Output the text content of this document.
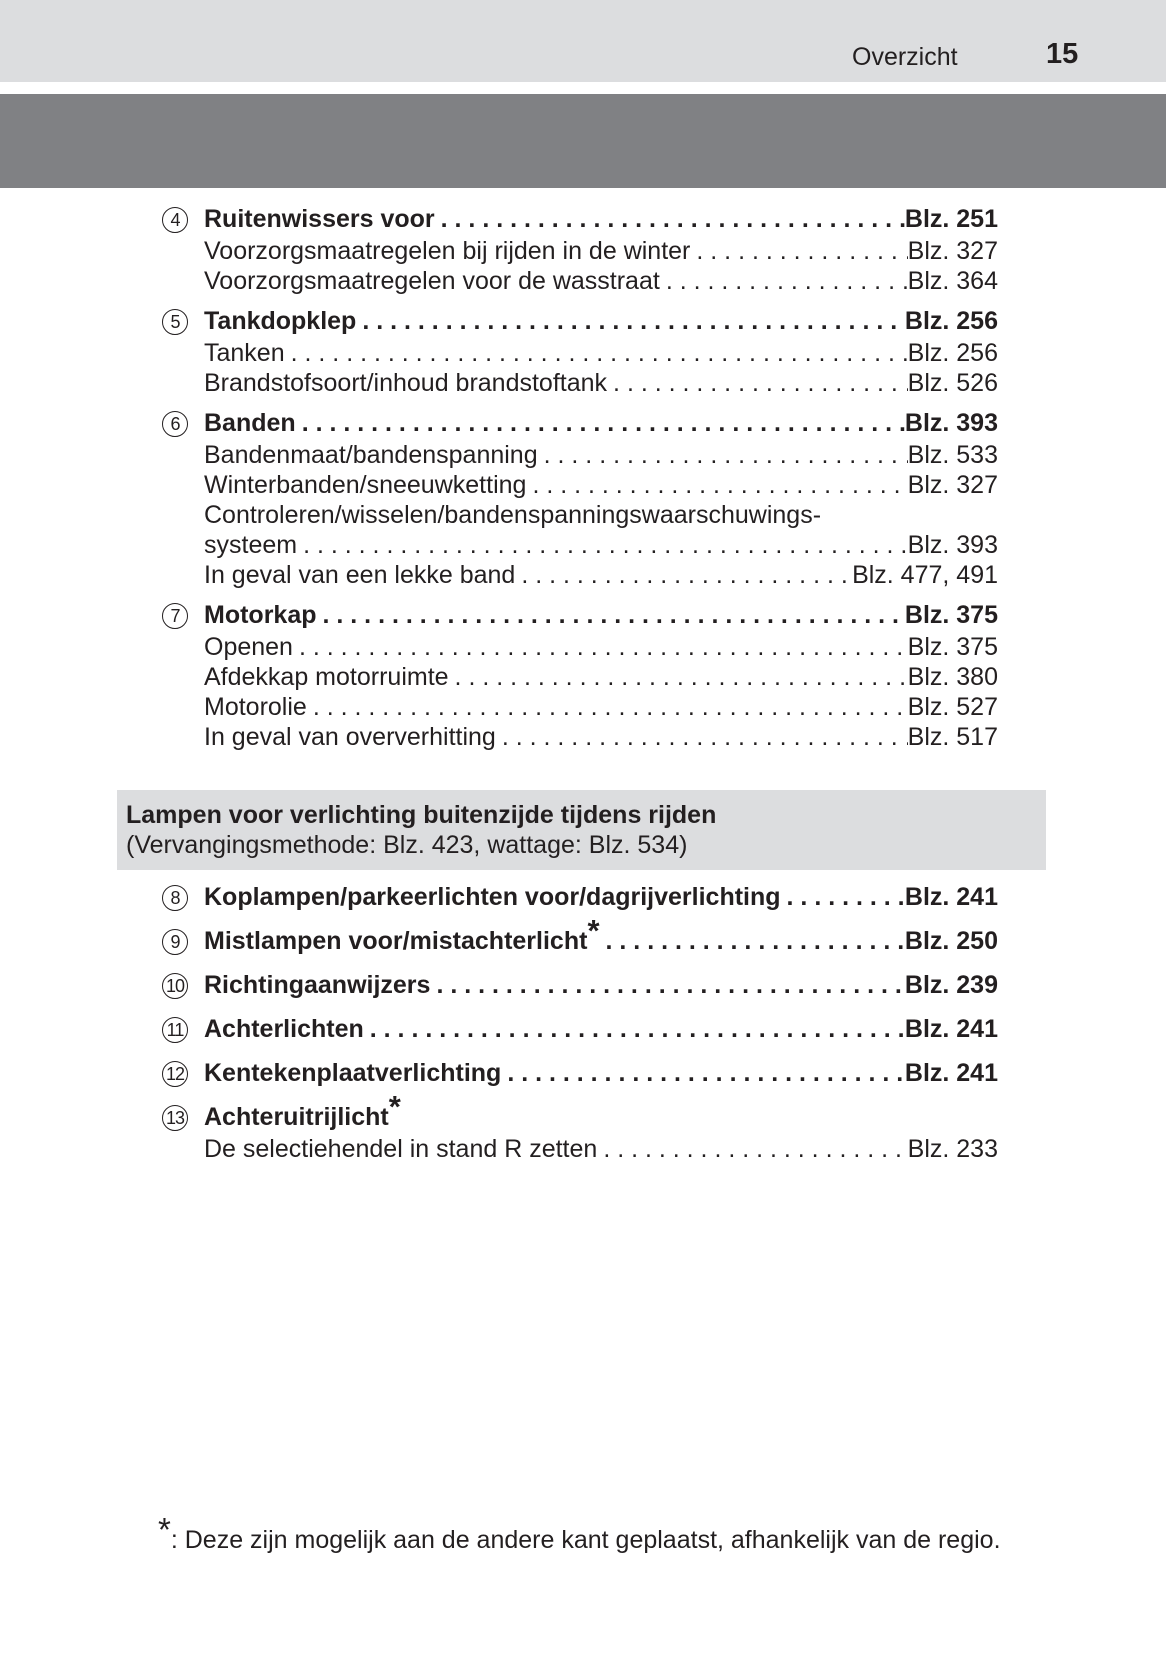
Overzicht	15
4 Ruitenwissers voor . . .	Blz. 251
Voorzorgsmaatregelen bij rijden in de winter . . .	Blz. 327
Voorzorgsmaatregelen voor de wasstraat . . .	Blz. 364
5 Tankdopklep . . .	Blz. 256
Tanken . . .	Blz. 256
Brandstofsoort/inhoud brandstoftank . . .	Blz. 526
6 Banden . . .	Blz. 393
Bandenmaat/bandenspanning . . .	Blz. 533
Winterbanden/sneeuwketting . . .	Blz. 327
Controleren/wisselen/bandenspanningswaarschuwings-
systeem . . .	Blz. 393
In geval van een lekke band . . .	Blz. 477, 491
7 Motorkap . . .	Blz. 375
Openen . . .	Blz. 375
Afdekkap motorruimte . . .	Blz. 380
Motorolie . . .	Blz. 527
In geval van oververhitting . . .	Blz. 517
Lampen voor verlichting buitenzijde tijdens rijden
(Vervangingsmethode: Blz. 423, wattage: Blz. 534)
8 Koplampen/parkeerlichten voor/dagrijverlichting . . .	Blz. 241
9 Mistlampen voor/mistachterlicht* . . .	Blz. 250
10 Richtingaanwijzers . . .	Blz. 239
11 Achterlichten . . .	Blz. 241
12 Kentekenplaatverlichting . . .	Blz. 241
13 Achteruitrijlicht*
De selectiehendel in stand R zetten . . .	Blz. 233
*: Deze zijn mogelijk aan de andere kant geplaatst, afhankelijk van de regio.
